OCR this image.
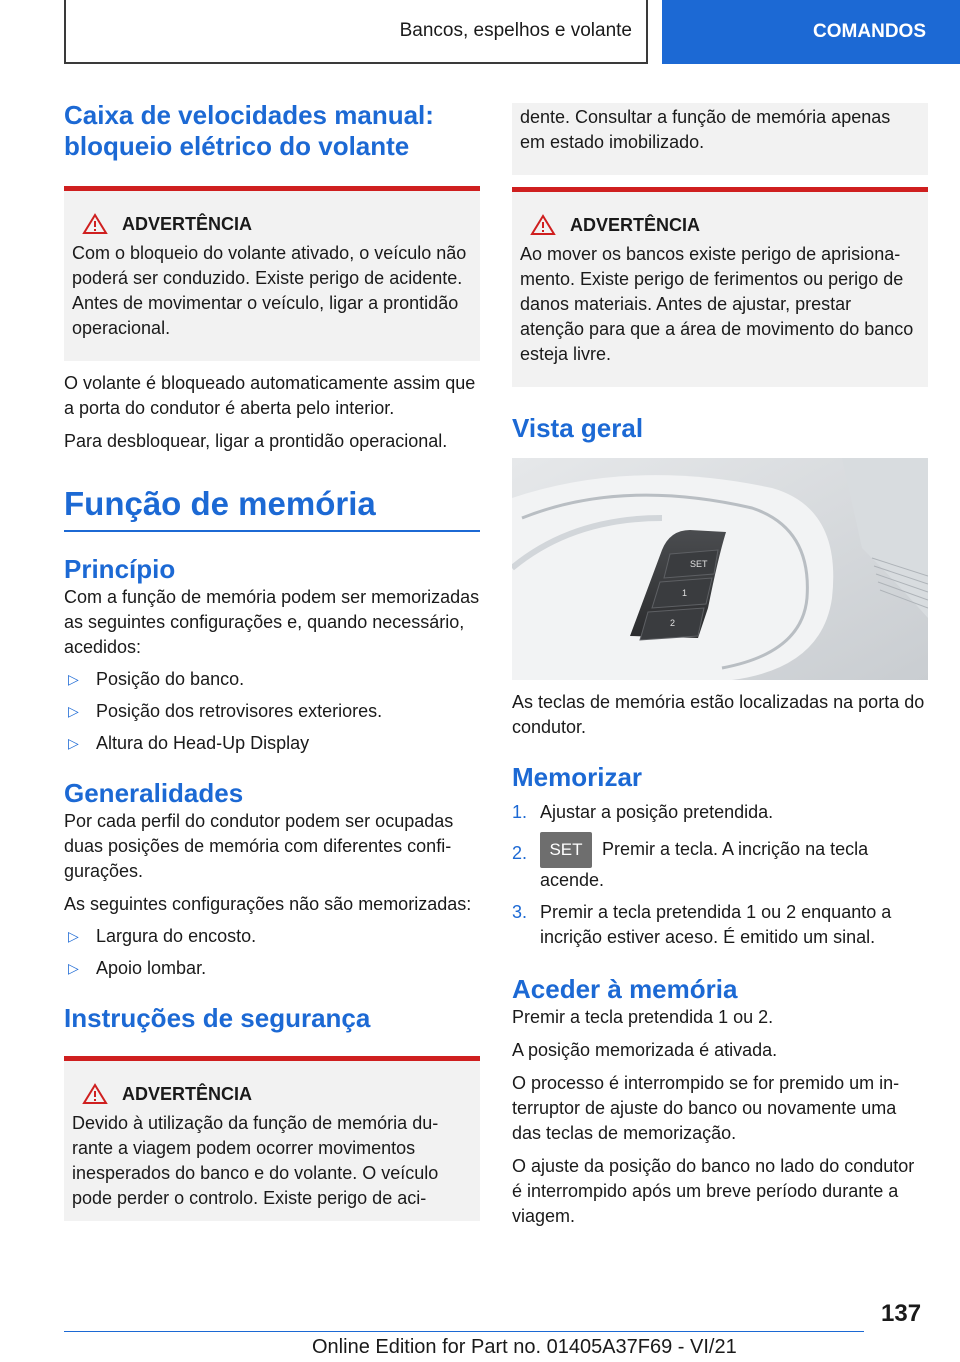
Bancos, espelhos e volante	COMANDOS
Caixa de velocidades manual: bloqueio elétrico do volante
ADVERTÊNCIA
Com o bloqueio do volante ativado, o veículo não poderá ser conduzido. Existe perigo de acidente. Antes de movimentar o veículo, ligar a prontidão operacional.

O volante é bloqueado automaticamente assim que a porta do condutor é aberta pelo interior.

Para desbloquear, ligar a prontidão operacional.

Função de memória
Princípio

Com a função de memória podem ser memorizadas as seguintes configurações e, quando necessário, acedidos:

▷ Posição do banco.
▷ Posição dos retrovisores exteriores.
▷ Altura do Head-Up Display
Generalidades

Por cada perfil do condutor podem ser ocupadas duas posições de memória com diferentes configurações.

As seguintes configurações não são memorizadas:

▷ Largura do encosto.
▷ Apoio lombar.
Instruções de segurança
ADVERTÊNCIA
Devido à utilização da função de memória durante a viagem podem ocorrer movimentos inesperados do banco e do volante. O veículo pode perder o controlo. Existe perigo de aci-
dente. Consultar a função de memória apenas em estado imobilizado.
ADVERTÊNCIA
Ao mover os bancos existe perigo de aprisionamento. Existe perigo de ferimentos ou perigo de danos materiais. Antes de ajustar, prestar atenção para que a área de movimento do banco esteja livre.
Vista geral
SET
1
2

As teclas de memória estão localizadas na porta do condutor.

Memorizar
1. Ajustar a posição pretendida.
2.	SET Premir a tecla. A incrição na tecla acende.
3. Premir a tecla pretendida 1 ou 2 enquanto a incrição estiver aceso. É emitido um sinal.
Aceder à memória

Premir a tecla pretendida 1 ou 2.

A posição memorizada é ativada.

O processo é interrompido se for premido um interruptor de ajuste do banco ou novamente uma das teclas de memorização.

O ajuste da posição do banco no lado do condutor é interrompido após um breve período durante a viagem.

137
Online Edition for Part no. 01405A37F69 - VI/21
